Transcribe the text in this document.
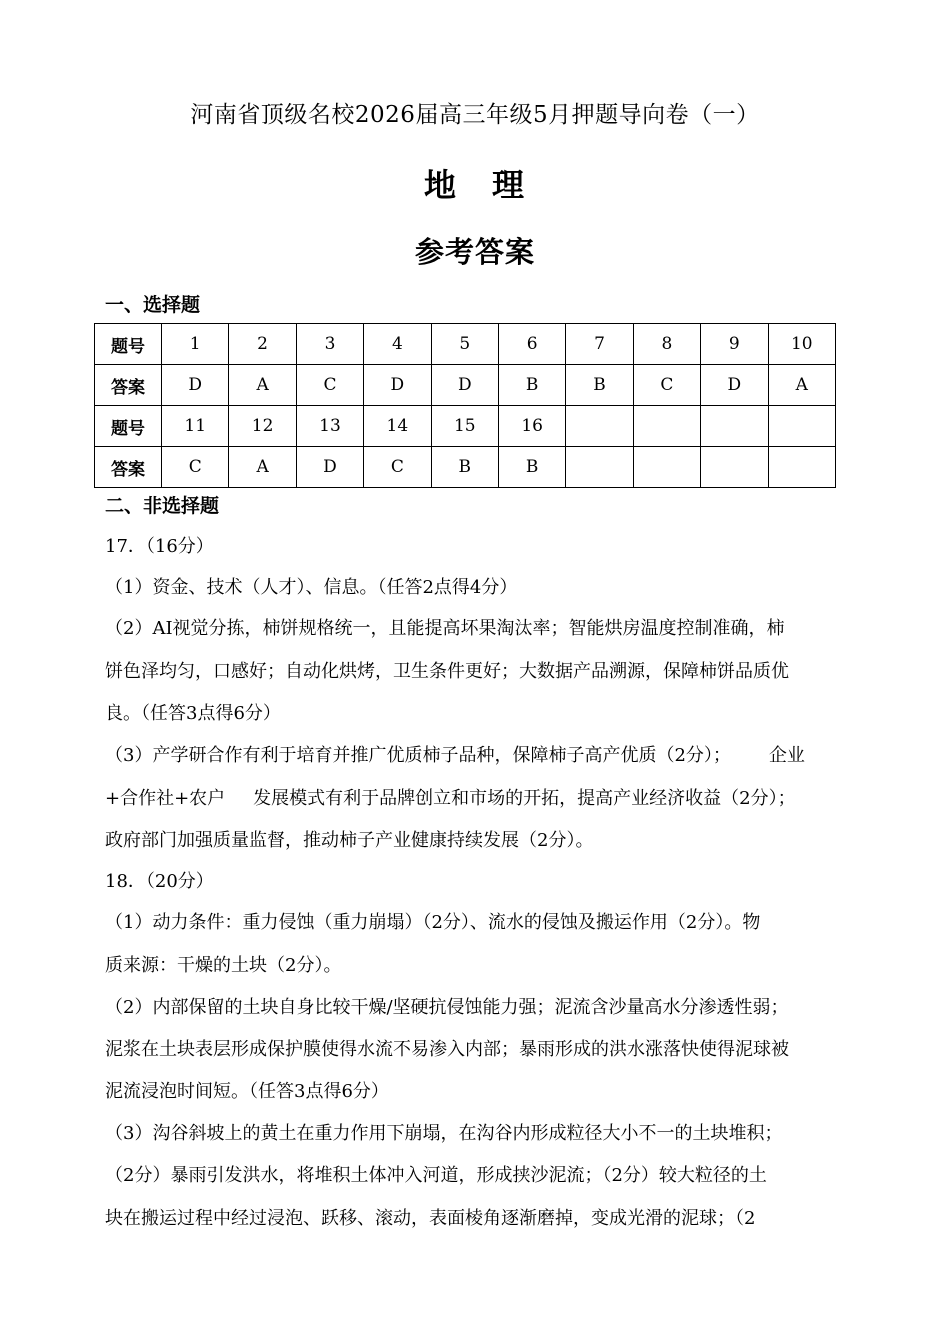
河南省顶级名校2026届高三年级5月押题导向卷（一）
地　理
参考答案
一、选择题
题号	1	2	3	4	5	6	7	8	9	10
答案	D	A	C	D	D	B	B	C	D	A
题号	11	12	13	14	15	16				
答案	C	A	D	C	B	B				
二、非选择题
17．（16分）
（1）资金、技术（人才）、信息。（任答2点得4分）
（2）AI视觉分拣，柿饼规格统一，且能提高坏果淘汰率；智能烘房温度控制准确，柿
饼色泽均匀，口感好；自动化烘烤，卫生条件更好；大数据产品溯源，保障柿饼品质优
良。（任答3点得6分）
（3）产学研合作有利于培育并推广优质柿子品种，保障柿子高产优质（2分）； 企业
+合作社+农户 发展模式有利于品牌创立和市场的开拓，提高产业经济收益（2分）；
政府部门加强质量监督，推动柿子产业健康持续发展（2分）。
18．（20分）
（1）动力条件：重力侵蚀（重力崩塌）（2分）、流水的侵蚀及搬运作用（2分）。物
质来源：干燥的土块（2分）。
（2）内部保留的土块自身比较干燥/坚硬抗侵蚀能力强；泥流含沙量高水分渗透性弱；
泥浆在土块表层形成保护膜使得水流不易渗入内部；暴雨形成的洪水涨落快使得泥球被
泥流浸泡时间短。（任答3点得6分）
（3）沟谷斜坡上的黄土在重力作用下崩塌，在沟谷内形成粒径大小不一的土块堆积；
（2分）暴雨引发洪水，将堆积土体冲入河道，形成挟沙泥流；（2分）较大粒径的土
块在搬运过程中经过浸泡、跃移、滚动，表面棱角逐渐磨掉，变成光滑的泥球；（2
